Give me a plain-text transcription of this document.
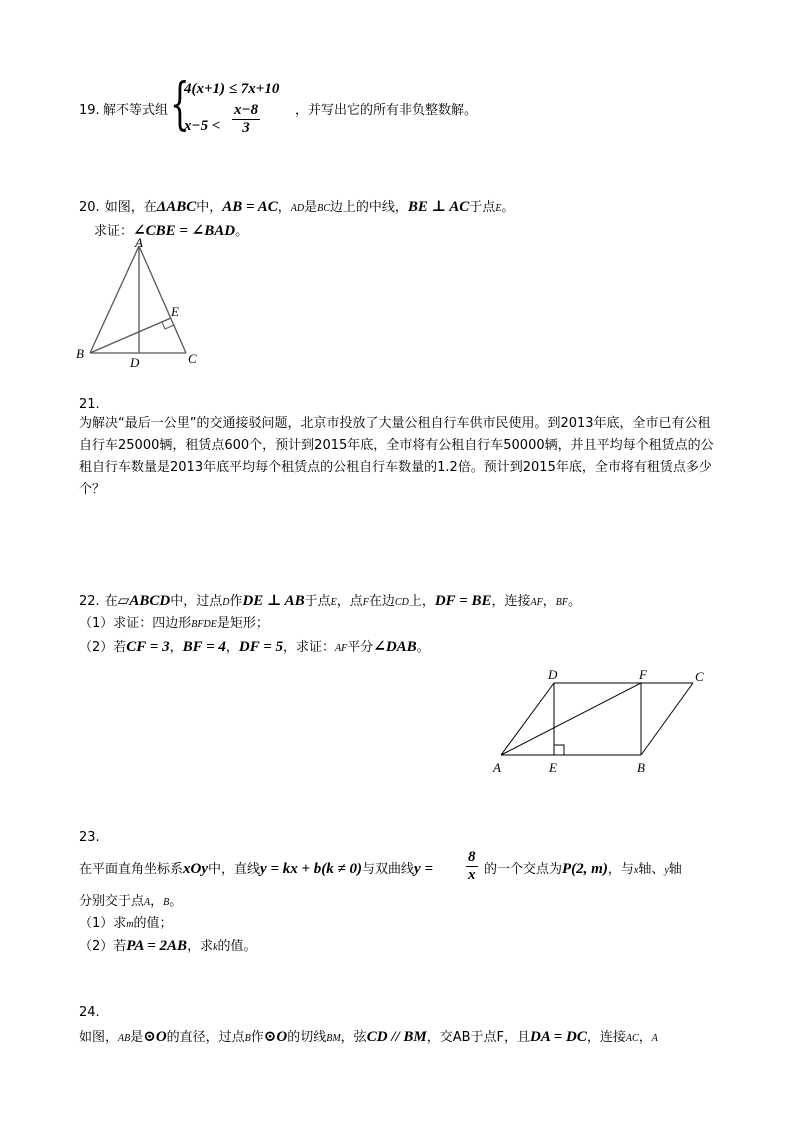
19. 解不等式组 {
4(x+1) ≤ 7x+10
$x-5 < \frac{x-8}{3}$	，并写出它的所有非负整数解。
20. 如图，在ΔABC中，AB = AC，AD是BC边上的中线，BE ⊥ AC于点E。
求证：∠CBE = ∠BAD。
A
B	C
D
E
21.
为解决“最后一公里”的交通接驳问题，北京市投放了大量公租自行车供市民使用。到2013年底，全市已有公租自行车25000辆，租赁点600个，预计到2015年底，全市将有公租自行车50000辆，并且平均每个租赁点的公租自行车数量是2013年底平均每个租赁点的公租自行车数量的1.2倍。预计到2015年底，全市将有租赁点多少个？
22. 在▱ABCD中，过点D作DE ⊥ AB于点E，点F在边CD上，DF = BE，连接AF，BF。
（1）求证：四边形BFDE是矩形；
（2）若CF = 3，BF = 4，DF = 5，求证：AF平分∠DAB。
A
D	F	C
E	B
23.
在平面直角坐标系xOy中，直线y = kx + b(k ≠ 0)与双曲线$y = \frac{8}{x}$ 的一个交点为P(2, m)，与x轴、y轴
分别交于点A，B。
（1）求m的值；
（2）若PA = 2AB，求k的值。
24.
如图，AB是⊙O的直径，过点B作⊙O的切线BM，弦CD // BM，交AB于点F，且DA = DC，连接AC，A
